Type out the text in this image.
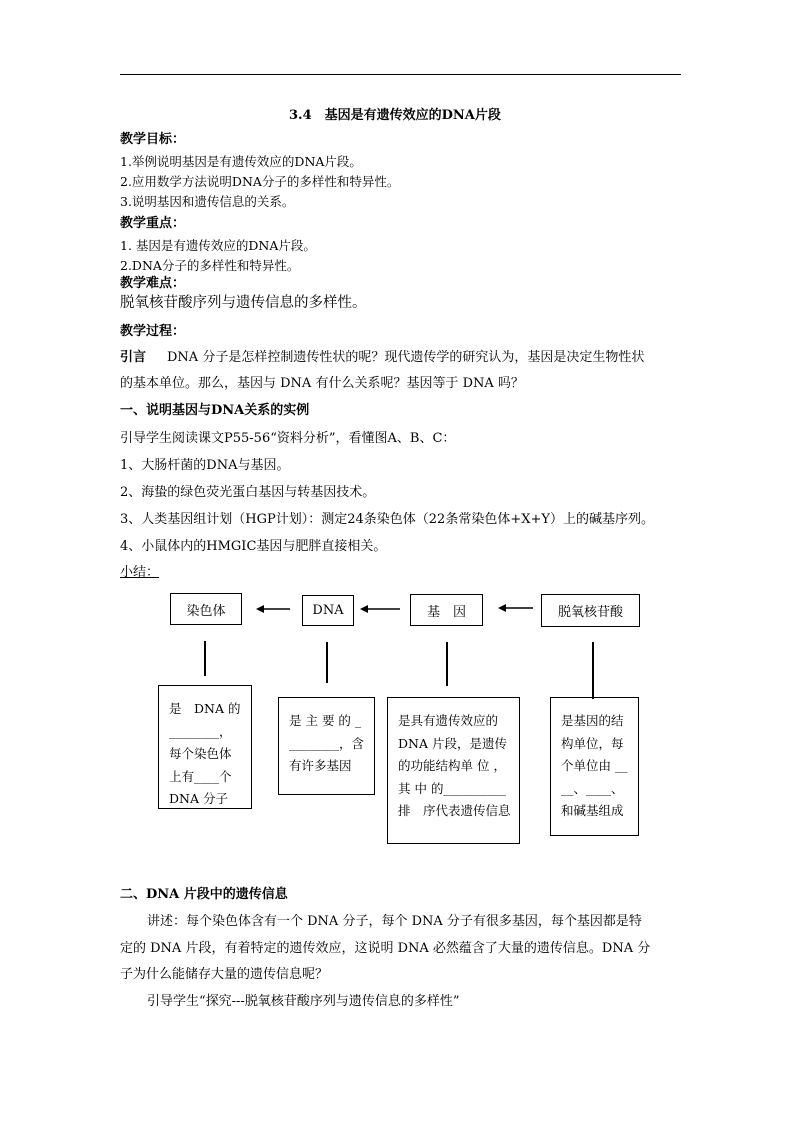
3.4　基因是有遗传效应的DNA片段
教学目标：
1.举例说明基因是有遗传效应的DNA片段。
2.应用数学方法说明DNA分子的多样性和特异性。
3.说明基因和遗传信息的关系。
教学重点：
1. 基因是有遗传效应的DNA片段。
2.DNA分子的多样性和特异性。
教学难点：
脱氧核苷酸序列与遗传信息的多样性。
教学过程：
引言 DNA 分子是怎样控制遗传性状的呢？现代遗传学的研究认为，基因是决定生物性状
的基本单位。那么，基因与 DNA 有什么关系呢？基因等于 DNA 吗？
一、说明基因与DNA关系的实例
引导学生阅读课文P55-56“资料分析”，看懂图A、B、C：
1、大肠杆菌的DNA与基因。
2、海蛰的绿色荧光蛋白基因与转基因技术。
3、人类基因组计划（HGP计划）：测定24条染色体（22条常染色体+X+Y）上的碱基序列。
4、小鼠体内的HMGIC基因与肥胖直接相关。
小结：
染色体	DNA	基　因	脱氧核苷酸
是　DNA 的 ________，每个染色体上有____个　DNA 分子
是 主 要 的 _________，含有许多基因
是具有遗传效应的 DNA 片段，是遗传的功能结构单 位 ， 其 中 的__________排　序代表遗传信息
是基因的结构单位，每个单位由 ____、____、 和碱基组成
二、DNA 片段中的遗传信息
讲述：每个染色体含有一个 DNA 分子，每个 DNA 分子有很多基因，每个基因都是特
定的 DNA 片段，有着特定的遗传效应，这说明 DNA 必然蕴含了大量的遗传信息。DNA 分
子为什么能储存大量的遗传信息呢？
引导学生“探究---脱氧核苷酸序列与遗传信息的多样性”
